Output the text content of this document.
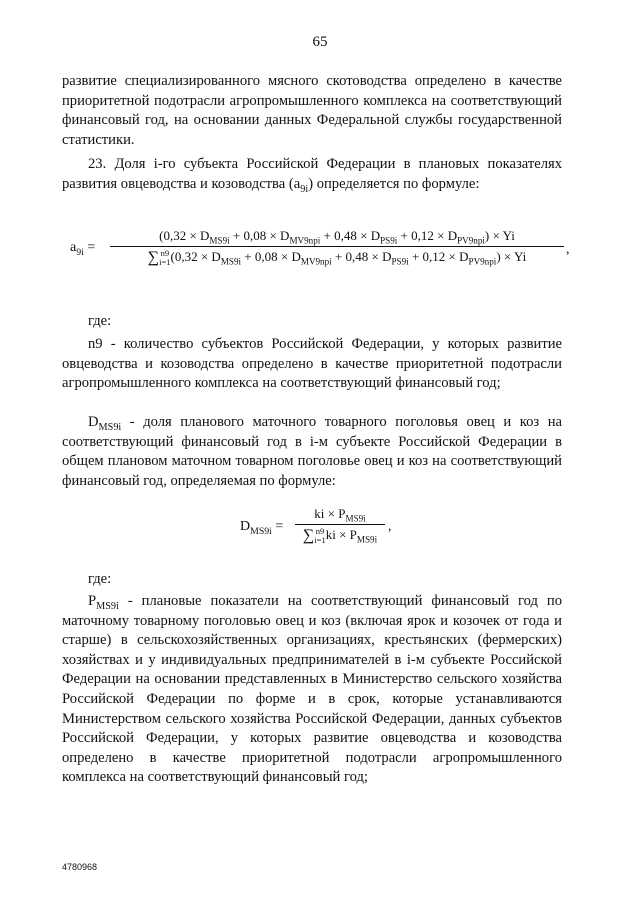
65

развитие специализированного мясного скотоводства определено в качестве приоритетной подотрасли агропромышленного комплекса на соответствующий финансовый год, на основании данных Федеральной службы государственной статистики.

23. Доля i-го субъекта Российской Федерации в плановых показателях развития овцеводства и козоводства $(a_{9i})$ определяется по формуле:

$a_{9i}$ =
$(0,32 \times D_{MS9i} + 0,08 \times D_{MV9npi} + 0,48 \times D_{PS9i} + 0,12 \times D_{PV9npi}) \times Yi$
∑n9
$i=1(0,32 \times D_{MS9i} + 0,08 \times D_{MV9npi} + 0,48 \times D_{PS9i} + 0,12 \times D_{PV9npi}) \times Yi$	,

где:

n9 - количество субъектов Российской Федерации, у которых развитие овцеводства и козоводства определено в качестве приоритетной подотрасли агропромышленного комплекса на соответствующий финансовый год;

$D_{MS9i}$ - доля планового маточного товарного поголовья овец и коз на соответствующий финансовый год в i-м субъекте Российской Федерации в общем плановом маточном товарном поголовье овец и коз на соответствующий финансовый год, определяемая по формуле:

$D_{MS9i}$ =
ki × $P_{MS9i}$
∑n9
$i=1ki \times P_{MS9i}$
,

где:

$P_{MS9i}$ - плановые показатели на соответствующий финансовый год по маточному товарному поголовью овец и коз (включая ярок и козочек от года и старше) в сельскохозяйственных организациях, крестьянских (фермерских) хозяйствах и у индивидуальных предпринимателей в i-м субъекте Российской Федерации на основании представленных в Министерство сельского хозяйства Российской Федерации по форме и в срок, которые устанавливаются Министерством сельского хозяйства Российской Федерации, данных субъектов Российской Федерации, у которых развитие овцеводства и козоводства определено в качестве приоритетной подотрасли агропромышленного комплекса на соответствующий финансовый год;

4780968
